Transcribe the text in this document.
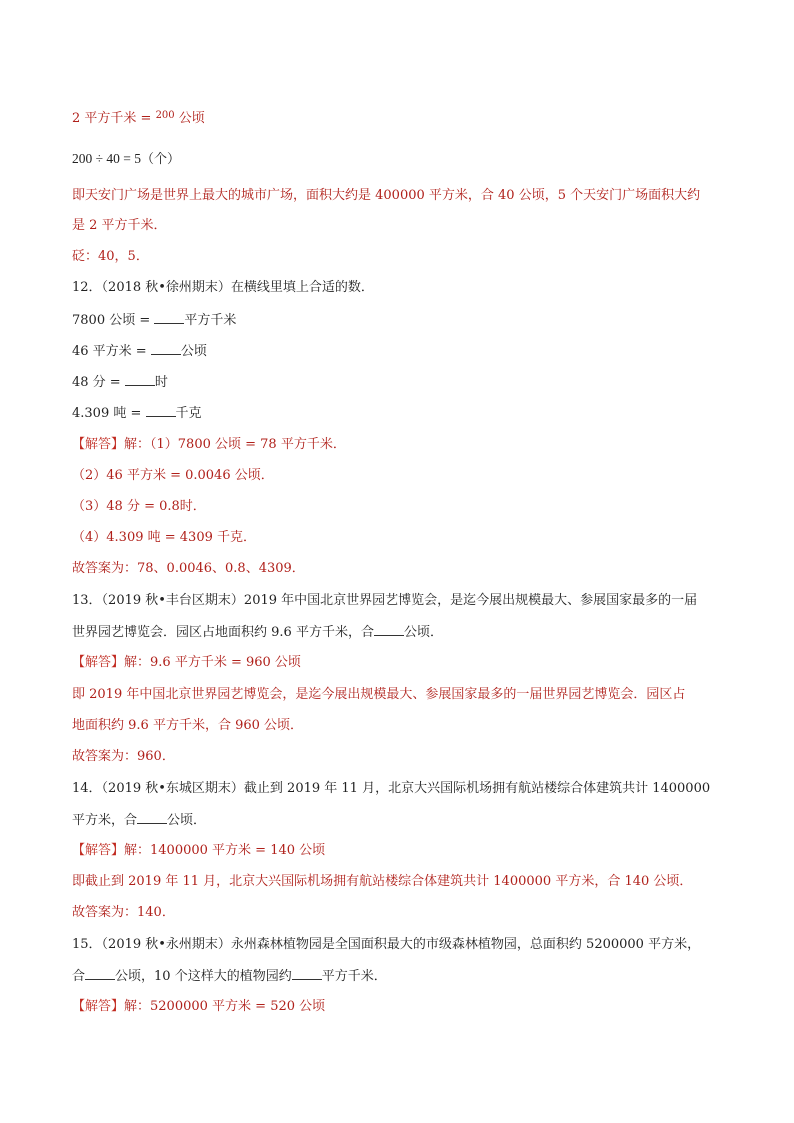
2 平方千米 = $^{200}$ 公顷
200 ÷ 40 = 5（个）
即天安门广场是世界上最大的城市广场，面积大约是 400000 平方米，合 40 公顷，5 个天安门广场面积大约
是 2 平方千米．
砭：40，5．
12．（2018 秋•徐州期末）在横线里填上合适的数．
7800 公顷 = 平方千米
46 平方米 = 公顷
48 分 = 时
4.309 吨 = 千克
【解答】解：（1）7800 公顷 = 78 平方千米．
（2）46 平方米 = 0.0046 公顷．
（3）48 分 = 0.8时．
（4）4.309 吨 = 4309 千克．
故答案为：78、0.0046、0.8、4309．
13．（2019 秋•丰台区期末）2019 年中国北京世界园艺博览会，是迄今展出规模最大、参展国家最多的一届
世界园艺博览会．园区占地面积约 9.6 平方千米，合 公顷．
【解答】解：9.6 平方千米 = 960 公顷
即 2019 年中国北京世界园艺博览会，是迄今展出规模最大、参展国家最多的一届世界园艺博览会．园区占
地面积约 9.6 平方千米，合 960 公顷．
故答案为：960．
14．（2019 秋•东城区期末）截止到 2019 年 11 月，北京大兴国际机场拥有航站楼综合体建筑共计 1400000
平方米，合 公顷．
【解答】解：1400000 平方米 = 140 公顷
即截止到 2019 年 11 月，北京大兴国际机场拥有航站楼综合体建筑共计 1400000 平方米，合 140 公顷．
故答案为：140．
15．（2019 秋•永州期末）永州森林植物园是全国面积最大的市级森林植物园，总面积约 5200000 平方米，
合 公顷，10 个这样大的植物园约 平方千米．
【解答】解：5200000 平方米 = 520 公顷
